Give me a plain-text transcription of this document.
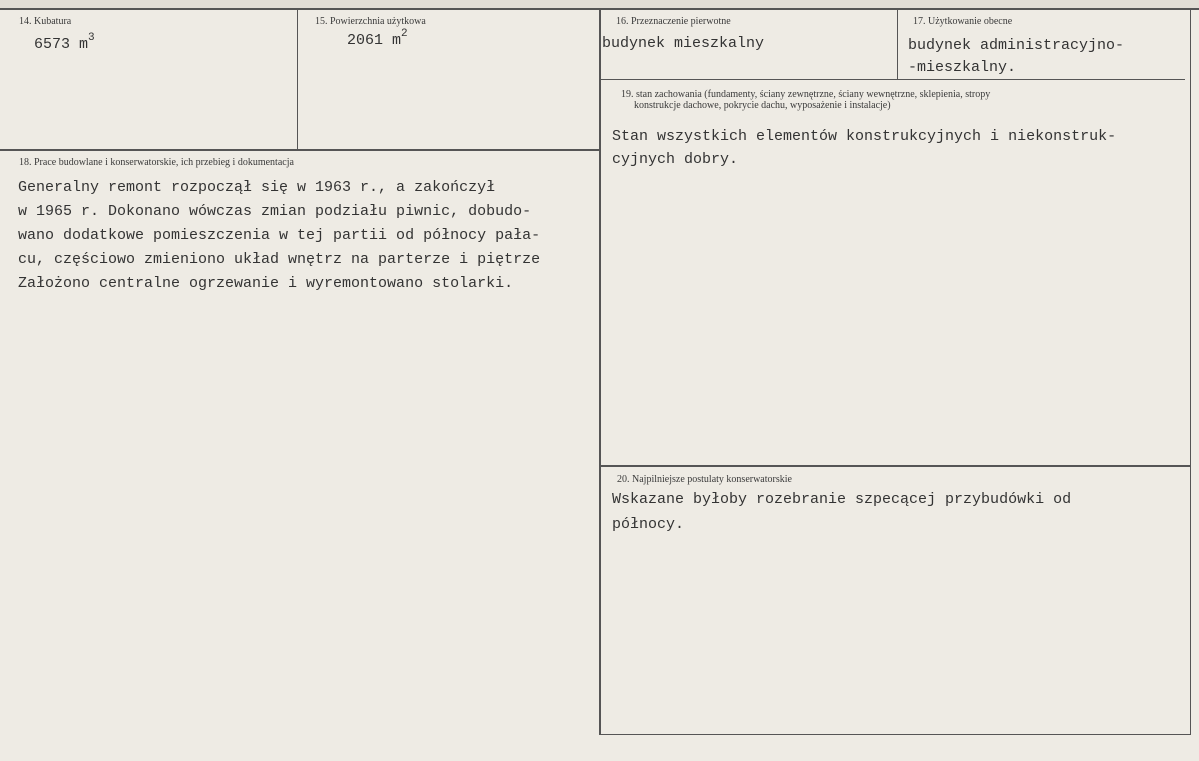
14. Kubatura
6573 $m^3$
15. Powierzchnia użytkowa
2061 $m^2$
16. Przeznaczenie pierwotne
budynek mieszkalny
17. Użytkowanie obecne
budynek administracyjno-
-mieszkalny.
18. Prace budowlane i konserwatorskie, ich przebieg i dokumentacja
Generalny remont rozpoczął się w 1963 r., a zakończył
w 1965 r. Dokonano wówczas zmian podziału piwnic, dobudo-
wano dodatkowe pomieszczenia w tej partii od północy pała-
cu, częściowo zmieniono układ wnętrz na parterze i piętrze
Założono centralne ogrzewanie i wyremontowano stolarki.
19. stan zachowania (fundamenty, ściany zewnętrzne, ściany wewnętrzne, sklepienia, stropy
konstrukcje dachowe, pokrycie dachu, wyposażenie i instalacje)
Stan wszystkich elementów konstrukcyjnych i niekonstruk-
cyjnych dobry.
20. Najpilniejsze postulaty konserwatorskie
Wskazane byłoby rozebranie szpecącej przybudówki od
północy.
